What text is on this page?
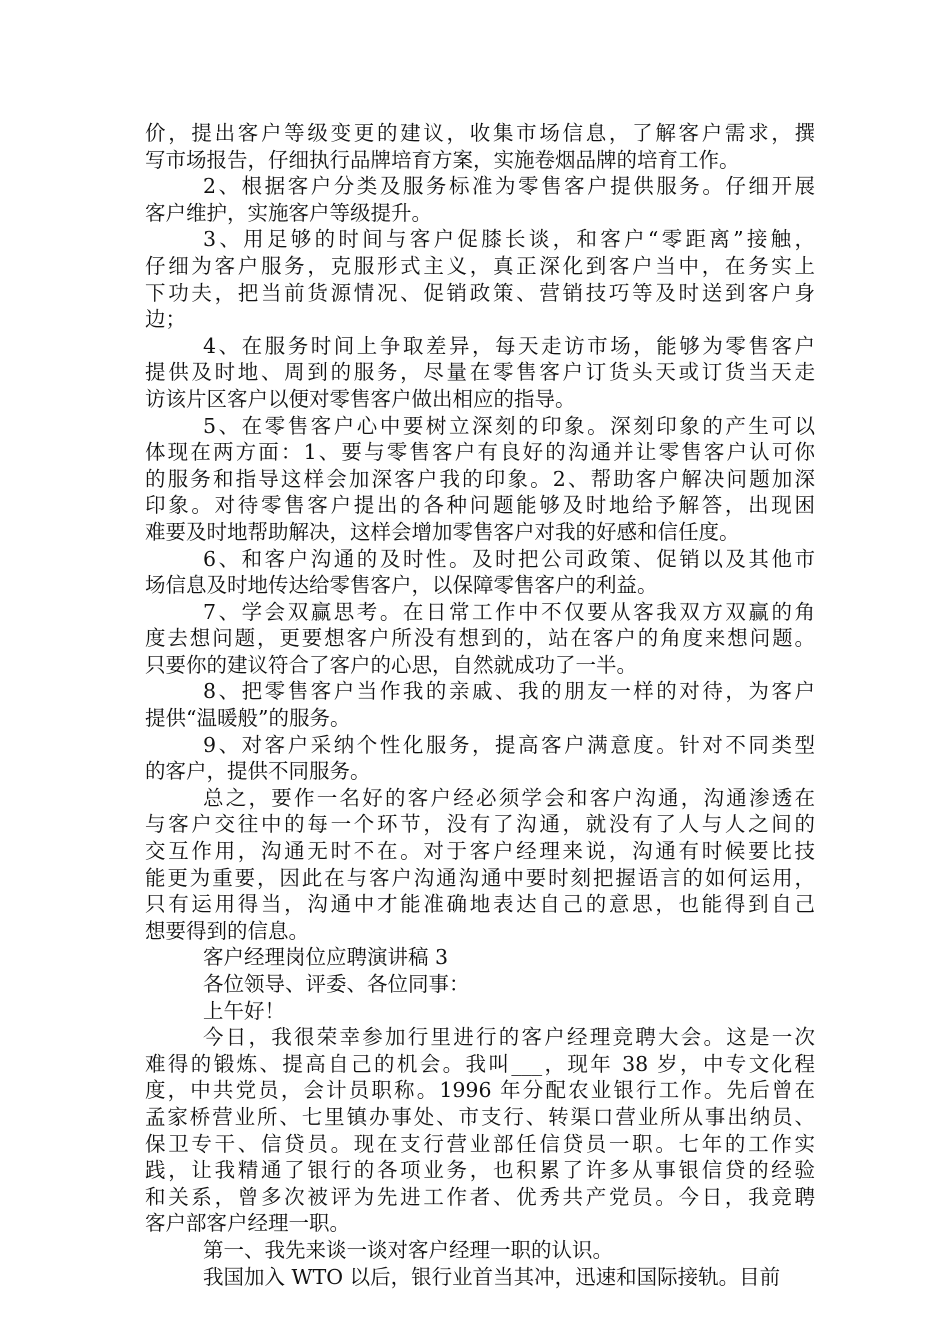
价，提出客户等级变更的建议，收集市场信息，了解客户需求，撰
写市场报告，仔细执行品牌培育方案，实施卷烟品牌的培育工作。
2、根据客户分类及服务标准为零售客户提供服务。仔细开展
客户维护，实施客户等级提升。
3、用足够的时间与客户促膝长谈，和客户“零距离”接触，
仔细为客户服务，克服形式主义，真正深化到客户当中，在务实上
下功夫，把当前货源情况、促销政策、营销技巧等及时送到客户身
边；
4、在服务时间上争取差异，每天走访市场，能够为零售客户
提供及时地、周到的服务，尽量在零售客户订货头天或订货当天走
访该片区客户以便对零售客户做出相应的指导。
5、在零售客户心中要树立深刻的印象。深刻印象的产生可以
体现在两方面：1、要与零售客户有良好的沟通并让零售客户认可你
的服务和指导这样会加深客户我的印象。2、帮助客户解决问题加深
印象。对待零售客户提出的各种问题能够及时地给予解答，出现困
难要及时地帮助解决，这样会增加零售客户对我的好感和信任度。
6、和客户沟通的及时性。及时把公司政策、促销以及其他市
场信息及时地传达给零售客户，以保障零售客户的利益。
7、学会双赢思考。在日常工作中不仅要从客我双方双赢的角
度去想问题，更要想客户所没有想到的，站在客户的角度来想问题。
只要你的建议符合了客户的心思，自然就成功了一半。
8、把零售客户当作我的亲戚、我的朋友一样的对待，为客户
提供“温暖般”的服务。
9、对客户采纳个性化服务，提高客户满意度。针对不同类型
的客户，提供不同服务。
总之，要作一名好的客户经必须学会和客户沟通，沟通渗透在
与客户交往中的每一个环节，没有了沟通，就没有了人与人之间的
交互作用，沟通无时不在。对于客户经理来说，沟通有时候要比技
能更为重要，因此在与客户沟通沟通中要时刻把握语言的如何运用，
只有运用得当，沟通中才能准确地表达自己的意思，也能得到自己
想要得到的信息。
客户经理岗位应聘演讲稿 3
各位领导、评委、各位同事：
上午好！
今日，我很荣幸参加行里进行的客户经理竞聘大会。这是一次
难得的锻炼、提高自己的机会。我叫___，现年 38 岁，中专文化程
度，中共党员，会计员职称。1996 年分配农业银行工作。先后曾在
孟家桥营业所、七里镇办事处、市支行、转渠口营业所从事出纳员、
保卫专干、信贷员。现在支行营业部任信贷员一职。七年的工作实
践，让我精通了银行的各项业务，也积累了许多从事银信贷的经验
和关系，曾多次被评为先进工作者、优秀共产党员。今日，我竞聘
客户部客户经理一职。
第一、我先来谈一谈对客户经理一职的认识。
我国加入 WTO 以后，银行业首当其冲，迅速和国际接轨。目前
